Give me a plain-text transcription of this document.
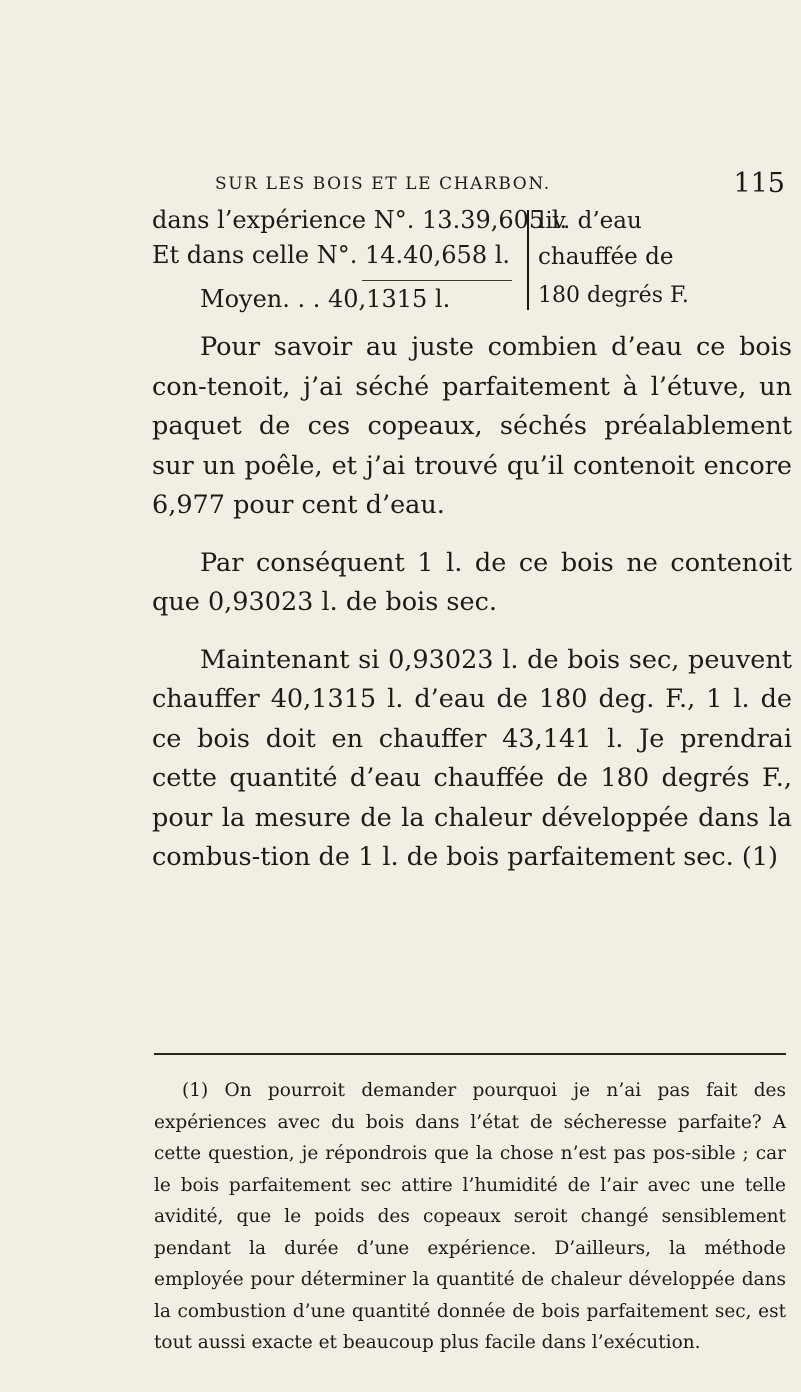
SUR LES BOIS ET LE CHARBON.	115
dans l’expérience N°. 13.39,605 l.
Et dans celle N°. 14.40,658 l.
Moyen. . . 40,1315 l.
liv. d’eau
chauffée de
180 degrés F.

Pour savoir au juste combien d’eau ce bois con-tenoit, j’ai séché parfaitement à l’étuve, un paquet de ces copeaux, séchés préalablement sur un poêle, et j’ai trouvé qu’il contenoit encore 6,977 pour cent d’eau.

Par conséquent 1 l. de ce bois ne contenoit que 0,93023 l. de bois sec.

Maintenant si 0,93023 l. de bois sec, peuvent chauffer 40,1315 l. d’eau de 180 deg. F., 1 l. de ce bois doit en chauffer 43,141 l. Je prendrai cette quantité d’eau chauffée de 180 degrés F., pour la mesure de la chaleur développée dans la combus-tion de 1 l. de bois parfaitement sec. (1)

(1) On pourroit demander pourquoi je n’ai pas fait des expériences avec du bois dans l’état de sécheresse parfaite? A cette question, je répondrois que la chose n’est pas pos-sible ; car le bois parfaitement sec attire l’humidité de l’air avec une telle avidité, que le poids des copeaux seroit changé sensiblement pendant la durée d’une expérience. D’ailleurs, la méthode employée pour déterminer la quantité de chaleur développée dans la combustion d’une quantité donnée de bois parfaitement sec, est tout aussi exacte et beaucoup plus facile dans l’exécution.
